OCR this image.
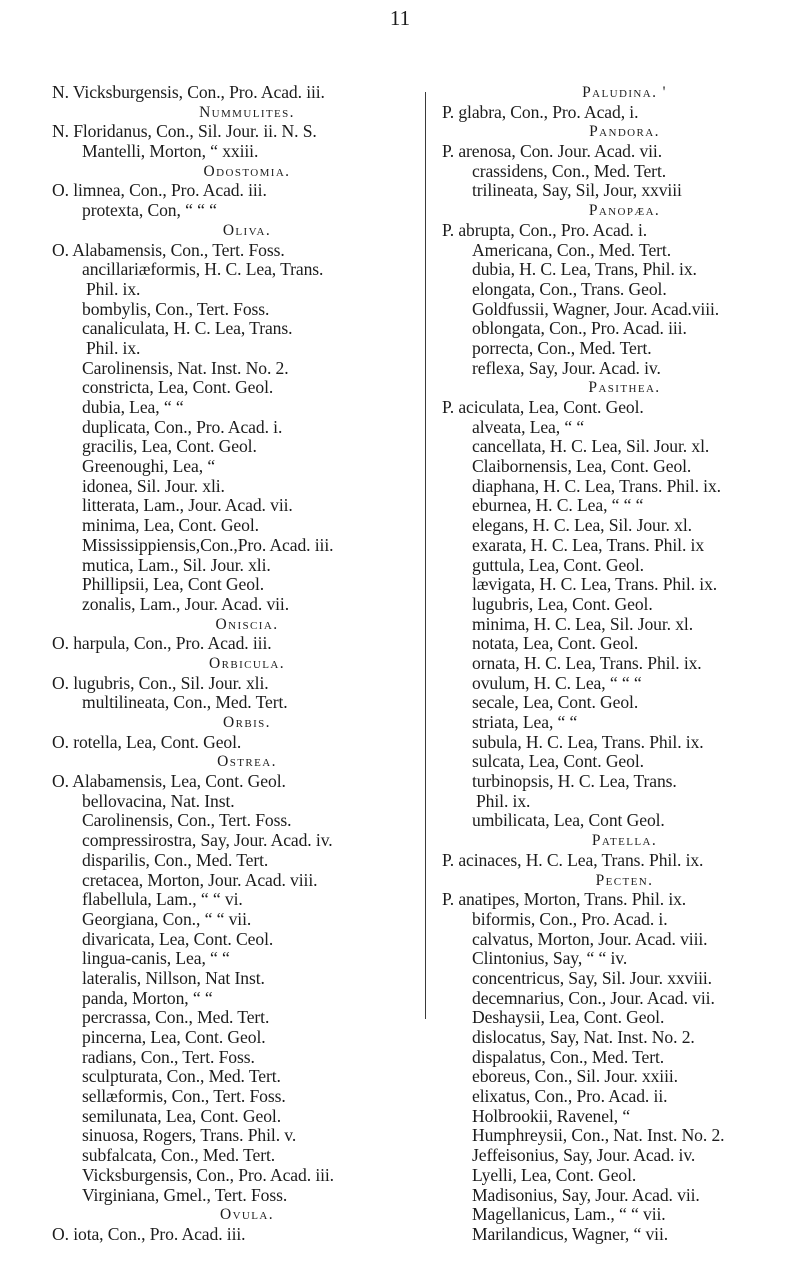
11
N. Vicksburgensis, Con., Pro. Acad. iii.
Nummulites.
N. Floridanus, Con., Sil. Jour. ii. N. S.
Mantelli, Morton, “ xxiii.
Odostomia.
O. limnea, Con., Pro. Acad. iii.
protexta, Con, “ “ “
Oliva.
O. Alabamensis, Con., Tert. Foss.
ancillariæformis, H. C. Lea, Trans.
Phil. ix.
bombylis, Con., Tert. Foss.
canaliculata, H. C. Lea, Trans.
Phil. ix.
Carolinensis, Nat. Inst. No. 2.
constricta, Lea, Cont. Geol.
dubia, Lea, “ “
duplicata, Con., Pro. Acad. i.
gracilis, Lea, Cont. Geol.
Greenoughi, Lea, “
idonea, Sil. Jour. xli.
litterata, Lam., Jour. Acad. vii.
minima, Lea, Cont. Geol.
Mississippiensis,Con.,Pro. Acad. iii.
mutica, Lam., Sil. Jour. xli.
Phillipsii, Lea, Cont Geol.
zonalis, Lam., Jour. Acad. vii.
Oniscia.
O. harpula, Con., Pro. Acad. iii.
Orbicula.
O. lugubris, Con., Sil. Jour. xli.
multilineata, Con., Med. Tert.
Orbis.
O. rotella, Lea, Cont. Geol.
Ostrea.
O. Alabamensis, Lea, Cont. Geol.
bellovacina, Nat. Inst.
Carolinensis, Con., Tert. Foss.
compressirostra, Say, Jour. Acad. iv.
disparilis, Con., Med. Tert.
cretacea, Morton, Jour. Acad. viii.
flabellula, Lam., “ “ vi.
Georgiana, Con., “ “ vii.
divaricata, Lea, Cont. Ceol.
lingua-canis, Lea, “ “
lateralis, Nillson, Nat Inst.
panda, Morton, “ “
percrassa, Con., Med. Tert.
pincerna, Lea, Cont. Geol.
radians, Con., Tert. Foss.
sculpturata, Con., Med. Tert.
sellæformis, Con., Tert. Foss.
semilunata, Lea, Cont. Geol.
sinuosa, Rogers, Trans. Phil. v.
subfalcata, Con., Med. Tert.
Vicksburgensis, Con., Pro. Acad. iii.
Virginiana, Gmel., Tert. Foss.
Ovula.
O. iota, Con., Pro. Acad. iii.
Paludina. '
P. glabra, Con., Pro. Acad, i.
Pandora.
P. arenosa, Con. Jour. Acad. vii.
crassidens, Con., Med. Tert.
trilineata, Say, Sil, Jour, xxviii
Panopæa.
P. abrupta, Con., Pro. Acad. i.
Americana, Con., Med. Tert.
dubia, H. C. Lea, Trans, Phil. ix.
elongata, Con., Trans. Geol.
Goldfussii, Wagner, Jour. Acad.viii.
oblongata, Con., Pro. Acad. iii.
porrecta, Con., Med. Tert.
reflexa, Say, Jour. Acad. iv.
Pasithea.
P. aciculata, Lea, Cont. Geol.
alveata, Lea, “ “
cancellata, H. C. Lea, Sil. Jour. xl.
Claibornensis, Lea, Cont. Geol.
diaphana, H. C. Lea, Trans. Phil. ix.
eburnea, H. C. Lea, “ “ “
elegans, H. C. Lea, Sil. Jour. xl.
exarata, H. C. Lea, Trans. Phil. ix
guttula, Lea, Cont. Geol.
lævigata, H. C. Lea, Trans. Phil. ix.
lugubris, Lea, Cont. Geol.
minima, H. C. Lea, Sil. Jour. xl.
notata, Lea, Cont. Geol.
ornata, H. C. Lea, Trans. Phil. ix.
ovulum, H. C. Lea, “ “ “
secale, Lea, Cont. Geol.
striata, Lea, “ “
subula, H. C. Lea, Trans. Phil. ix.
sulcata, Lea, Cont. Geol.
turbinopsis, H. C. Lea, Trans.
Phil. ix.
umbilicata, Lea, Cont Geol.
Patella.
P. acinaces, H. C. Lea, Trans. Phil. ix.
Pecten.
P. anatipes, Morton, Trans. Phil. ix.
biformis, Con., Pro. Acad. i.
calvatus, Morton, Jour. Acad. viii.
Clintonius, Say, “ “ iv.
concentricus, Say, Sil. Jour. xxviii.
decemnarius, Con., Jour. Acad. vii.
Deshaysii, Lea, Cont. Geol.
dislocatus, Say, Nat. Inst. No. 2.
dispalatus, Con., Med. Tert.
eboreus, Con., Sil. Jour. xxiii.
elixatus, Con., Pro. Acad. ii.
Holbrookii, Ravenel, “
Humphreysii, Con., Nat. Inst. No. 2.
Jeffeisonius, Say, Jour. Acad. iv.
Lyelli, Lea, Cont. Geol.
Madisonius, Say, Jour. Acad. vii.
Magellanicus, Lam., “ “ vii.
Marilandicus, Wagner, “ vii.
